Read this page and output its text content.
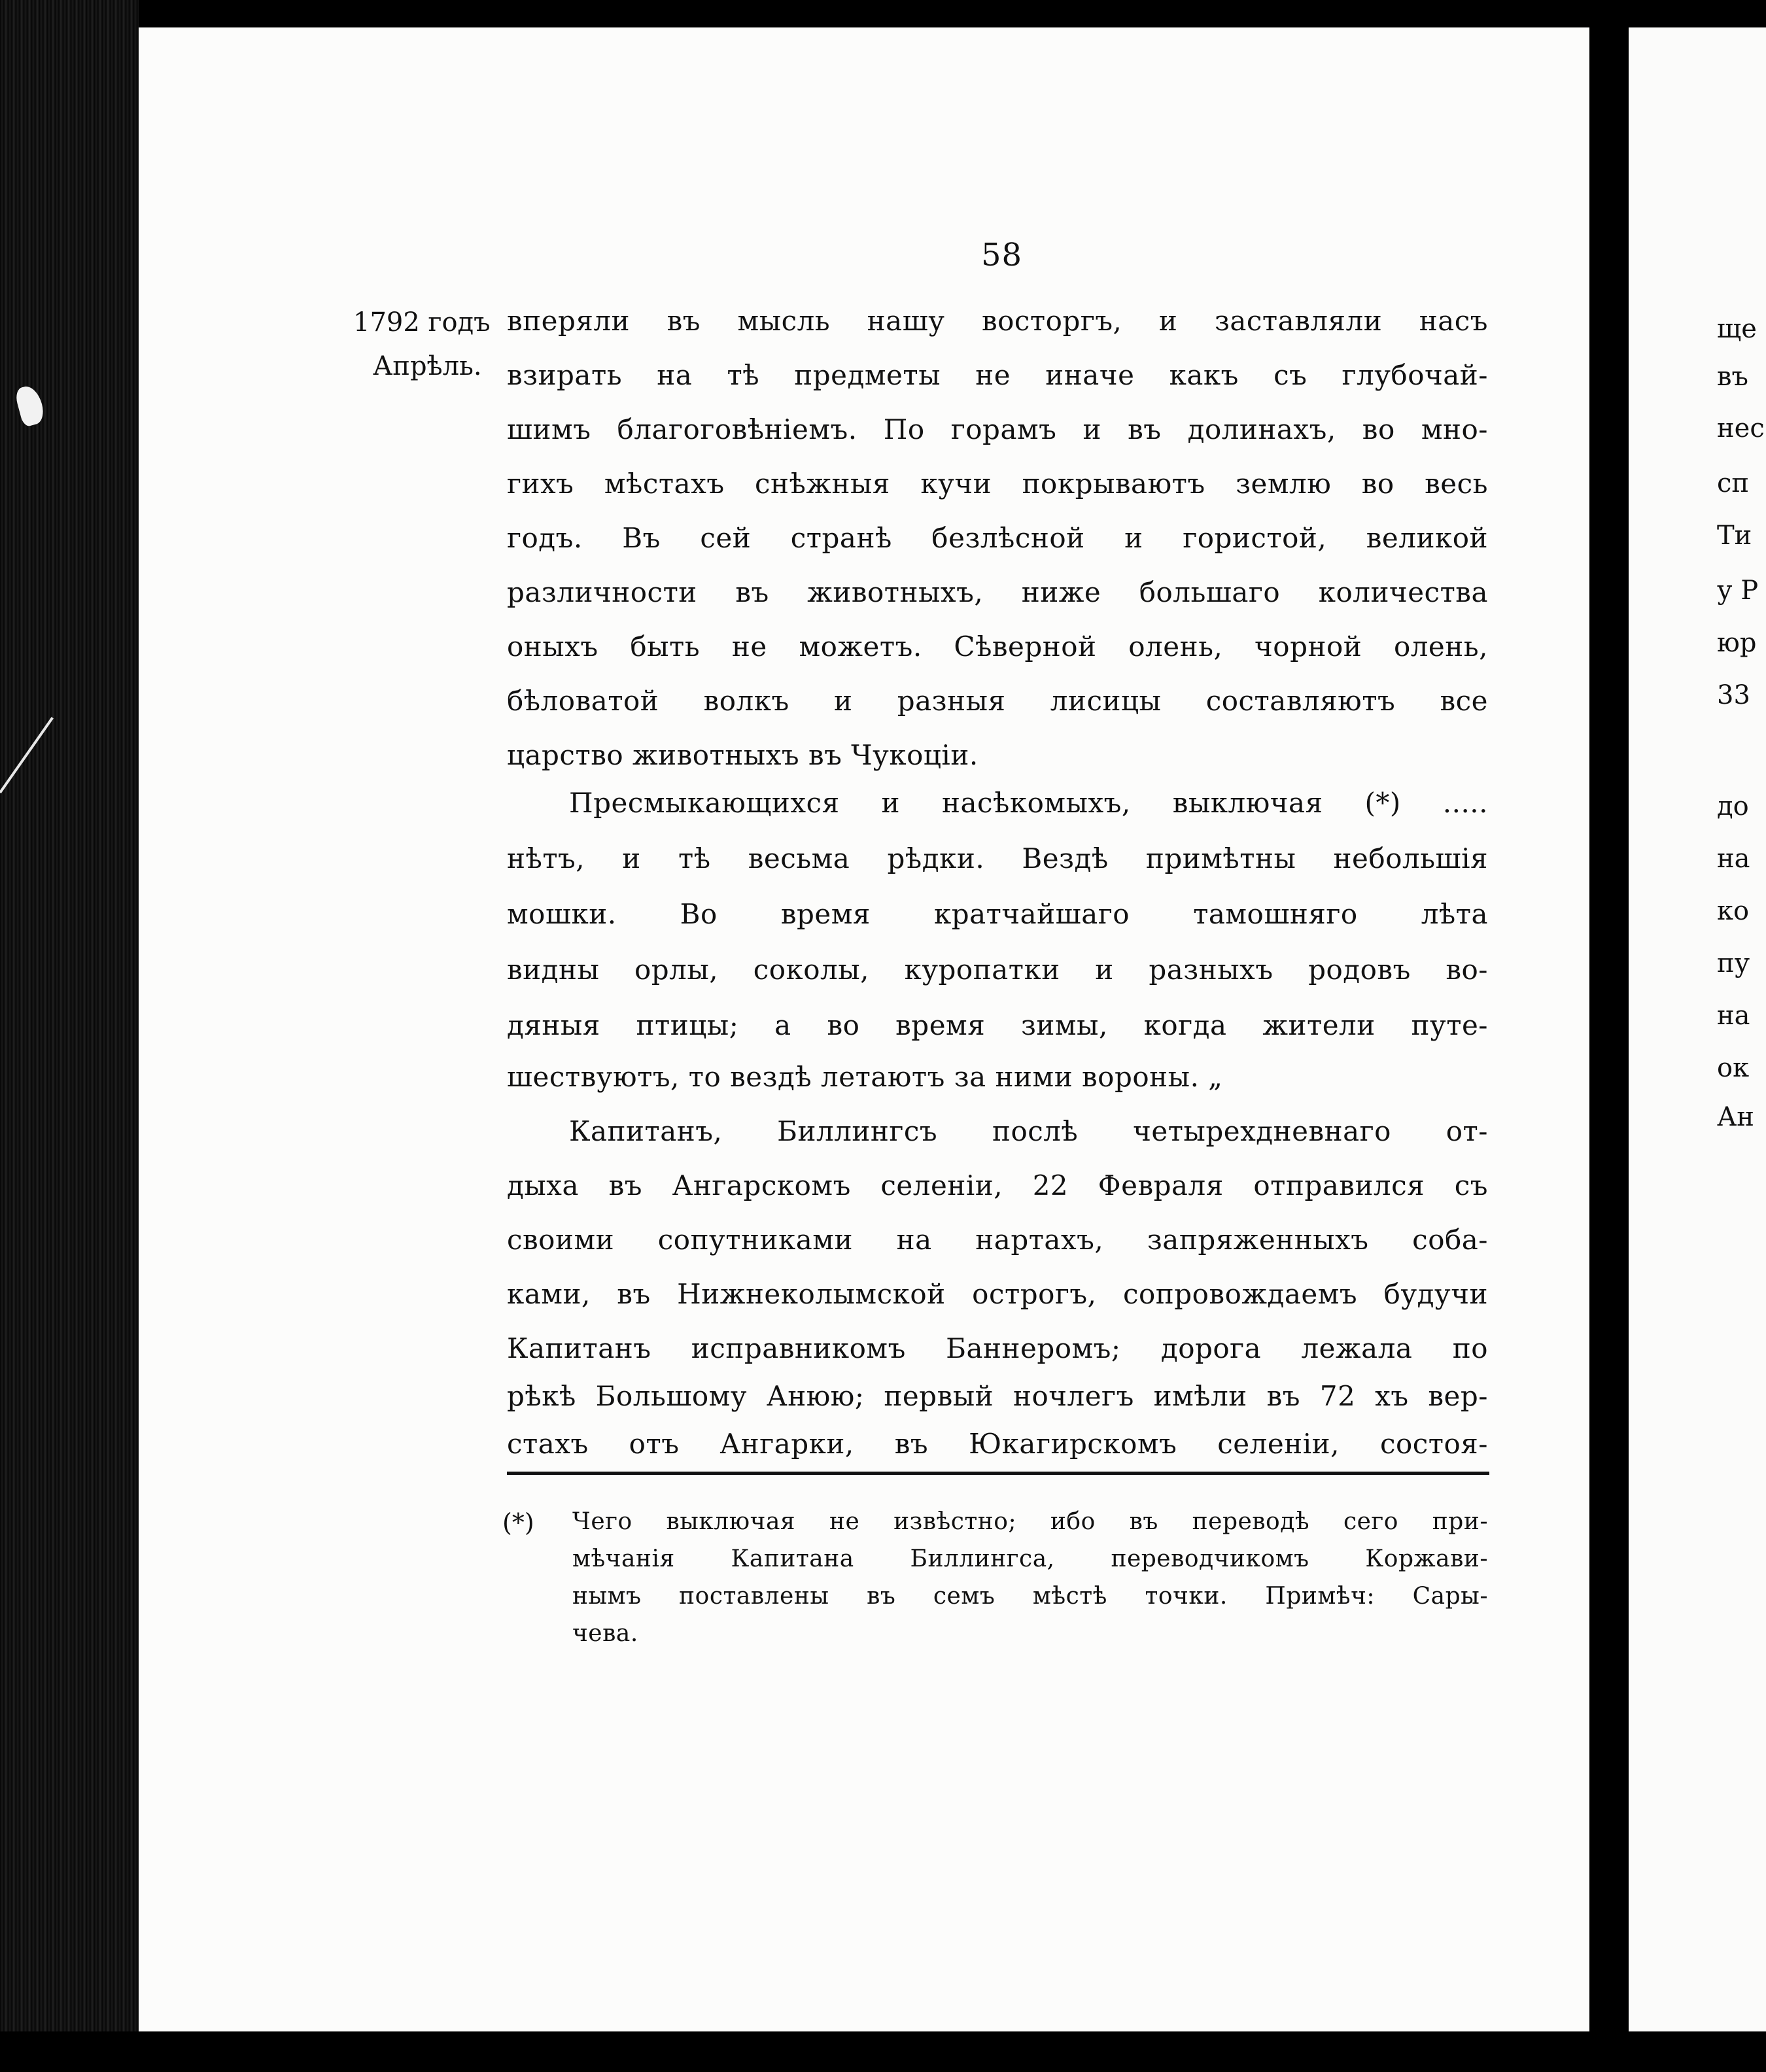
58
1792 годъ
Апрѣль.
вперяли въ мысль нашу восторгъ, и заставляли насъ
взирать на тѣ предметы не иначе какъ съ глубочай-
шимъ благоговѣніемъ. По горамъ и въ долинахъ, во мно-
гихъ мѣстахъ снѣжныя кучи покрываютъ землю во весь
годъ. Въ сей странѣ безлѣсной и гористой, великой
различности въ животныхъ, ниже большаго количества
оныхъ быть не можетъ. Сѣверной олень, чорной олень,
бѣловатой волкъ и разныя лисицы составляютъ все
царство животныхъ въ Чукоціи.
Пресмыкающихся и насѣкомыхъ, выключая (*) .....
нѣтъ, и тѣ весьма рѣдки. Вездѣ примѣтны небольшія
мошки. Во время кратчайшаго тамошняго лѣта
видны орлы, соколы, куропатки и разныхъ родовъ во-
дяныя птицы; а во время зимы, когда жители путе-
шествуютъ, то вездѣ летаютъ за ними вороны. „
Капитанъ, Биллингсъ послѣ четырехдневнаго от-
дыха въ Ангарскомъ селеніи, 22 Февраля отправился съ
своими сопутниками на нартахъ, запряженныхъ соба-
ками, въ Нижнеколымской острогъ, сопровождаемъ будучи
Капитанъ исправникомъ Баннеромъ; дорога лежала по
рѣкѣ Большому Анюю; первый ночлегъ имѣли въ 72 хъ вер-
стахъ отъ Ангарки, въ Юкагирскомъ селеніи, состоя-
(*) Чего выключая не извѣстно; ибо въ переводѣ сего при-
мѣчанія Капитана Биллингса, переводчикомъ Коржави-
нымъ поставлены въ семъ мѣстѣ точки. Примѣч: Сары-
чева.
ще
въ
нес
сп
Ти
у Р
юр
33
до
на
ко
пу
на
ок
Ан
